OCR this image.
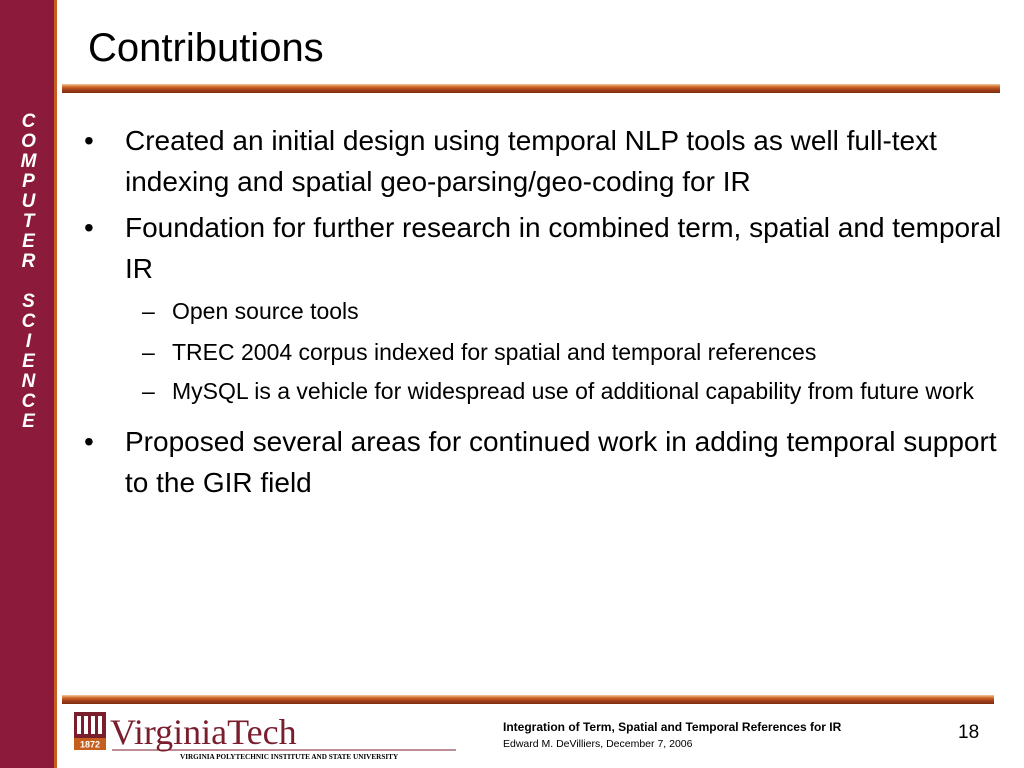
C
O
M
P
U
T
E
R

S
C
I
E
N
C
E
Contributions
•	Created an initial design using temporal NLP tools as well full-text indexing and spatial geo-parsing/geo-coding for IR
•	Foundation for further research in combined term, spatial and temporal IR
– Open source tools
– TREC 2004 corpus indexed for spatial and temporal references
– MySQL is a vehicle for widespread use of additional capability from future work
•	Proposed several areas for continued work in adding temporal support to the GIR field
1872 VirginiaTech
VIRGINIA POLYTECHNIC INSTITUTE AND STATE UNIVERSITY
Integration of Term, Spatial and Temporal References for IR
Edward M. DeVilliers, December 7, 2006
18
